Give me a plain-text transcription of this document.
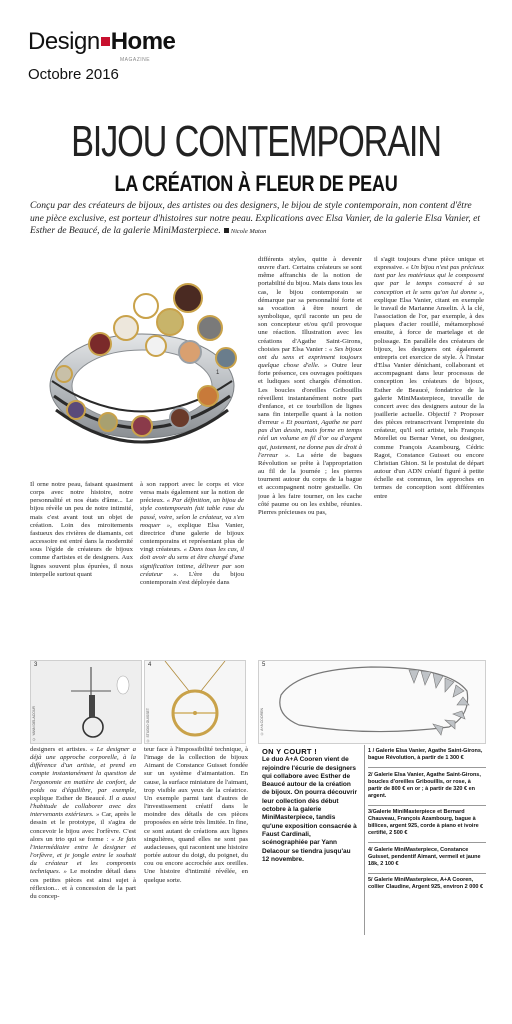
Design Home
MAGAZINE
Octobre 2016
BIJOU CONTEMPORAIN
LA CRÉATION À FLEUR DE PEAU
Conçu par des créateurs de bijoux, des artistes ou des designers, le bijou de style contemporain, non content d'être une pièce exclusive, est porteur d'histoires sur notre peau. Explications avec Elsa Vanier, de la galerie Elsa Vanier, et Esther de Beaucé, de la galerie MiniMasterpiece. Nicole Maton
1

Il orne notre peau, faisant quasiment corps avec notre histoire, notre personnalité et nos états d'âme... Le bijou révèle un peu de notre intimité, mais c'est avant tout un objet de création. Loin des miroitements fastueux des rivières de diamants, cet accessoire est entré dans la modernité sous l'égide de créateurs de bijoux comme d'artistes et de designers. Aux lignes souvent plus épurées, il nous interpelle surtout quant

à son rapport avec le corps et vice versa mais également sur la notion de précieux. « Par définition, un bijou de style contemporain fait table rase du passé, voire, selon le créateur, va s'en moquer », explique Elsa Vanier, directrice d'une galerie de bijoux contemporains et représentant plus de vingt créateurs. « Dans tous les cas, il doit avoir du sens et être chargé d'une signification intime, délivrer par son créateur ». L'ère du bijou contemporain s'est déployée dans

différents styles, quitte à devenir œuvre d'art. Certains créateurs se sont même affranchis de la notion de portabilité du bijou. Mais dans tous les cas, le bijou contemporain se démarque par sa personnalité forte et sa vocation à être nourri de symbolique, qu'il raconte un peu de son concepteur et/ou qu'il provoque une réaction. Illustration avec les créations d'Agathe Saint-Girons, choisies par Elsa Vanier : « Ses bijoux ont du sens et expriment toujours quelque chose d'elle. » Outre leur forte présence, ces ouvrages poétiques et ludiques sont chargés d'émotion. Les boucles d'oreilles Gribouillis réveillent instantanément notre part d'enfance, et ce tourbillon de lignes sans fin interpelle quant à la notion d'erreur « Et pourtant, Agathe ne part pas d'un dessin, mais forme en temps réel un volume en fil d'or ou d'argent qui, justement, ne donne pas de droit à l'erreur ». La série de bagues Révolution se prête à l'appropriation au fil de la journée ; les pierres tournent autour du corps de la bague et accompagnent notre gestuelle. On joue à les faire tourner, on les cache côté paume ou on les exhibe, réunies. Pierres précieuses ou pas,

il s'agit toujours d'une pièce unique et expressive. « Un bijou n'est pas précieux tant par les matériaux qui le composent que par le temps consacré à sa conception et le sens qu'on lui donne », explique Elsa Vanier, citant en exemple le travail de Marianne Anselin. À la clé, l'association de l'or, par exemple, à des plaques d'acier rouillé, métamorphosé ensuite, à force de martelage et de polissage. En parallèle des créateurs de bijoux, les designers ont également entrepris cet exercice de style. À l'instar d'Elsa Vanier dénichant, collaborant et accompagnant dans leur processus de conception les créateurs de bijoux, Esther de Beaucé, fondatrice de la galerie MiniMasterpiece, travaille de concert avec des designers autour de la joaillerie actuelle. Objectif ? Proposer des pièces retranscrivant l'empreinte du créateur, qu'il soit artiste, tels François Morellet ou Bernar Venet, ou designer, comme François Azambourg, Cédric Ragot, Constance Guisset ou encore Christian Ghion. Si le postulat de départ autour d'un ADN créatif figuré à petite échelle est commun, les approches en termes de conception sont différentes entre

3
© YANN DELACOUR
4
© STUDIO GUISSET
5
© A+A COOREN

designers et artistes. « Le designer a déjà une approche corporelle, à la différence d'un artiste, et prend en compte instantanément la question de l'ergonomie en matière de confort, de poids ou d'équilibre, par exemple, explique Esther de Beaucé. Il a aussi l'habitude de collaborer avec des intervenants extérieurs. » Car, après le dessin et le prototype, il s'agira de concevoir le bijou avec l'orfèvre. C'est alors un trio qui se forme : « Je fais l'intermédiaire entre le designer et l'orfèvre, et je jongle entre le souhait du créateur et les compromis techniques. » Le moindre détail dans ces petites pièces est ainsi sujet à réflexion... et à concession de la part du concep-

teur face à l'impossibilité technique, à l'image de la collection de bijoux Aimant de Constance Guisset fondée sur un système d'aimantation. En cause, la surface miniature de l'aimant, trop visible aux yeux de la créatrice. Un exemple parmi tant d'autres de l'investissement créatif dans le moindre des détails de ces pièces proposées en série très limitée. In fine, ce sont autant de créations aux lignes singulières, quand elles ne sont pas audacieuses, qui racontent une histoire portée autour du doigt, du poignet, du cou ou encore accrochée aux oreilles. Une histoire d'intimité révélée, en quelque sorte.

ON Y COURT !
Le duo A+A Cooren vient de rejoindre l'écurie de designers qui collabore avec Esther de Beaucé autour de la création de bijoux. On pourra découvrir leur collection dès début octobre à la galerie MiniMasterpiece, tandis qu'une exposition consacrée à Faust Cardinali, scénographiée par Yann Delacour se tiendra jusqu'au 12 novembre.
1 / Galerie Elsa Vanier, Agathe Saint-Girons, bague Révolution, à partir de 1 300 €
2/ Galerie Elsa Vanier, Agathe Saint-Girons, boucles d'oreilles Gribouillis, or rose, à partir de 800 € en or ; à partir de 320 € en argent.
3/Galerie MiniMasterpiece et Bernard Chauveau, François Azambourg, bague à billices, argent 925, corde à piano et ivoire certifié, 2 500 €
4/ Galerie MiniMasterpiece, Constance Guisset, pendentif Aimant, vermeil et jaune 18k, 2 100 €
5/ Galerie MiniMasterpiece, A+A Cooren, collier Claudine, Argent 925, environ 2 000 €
